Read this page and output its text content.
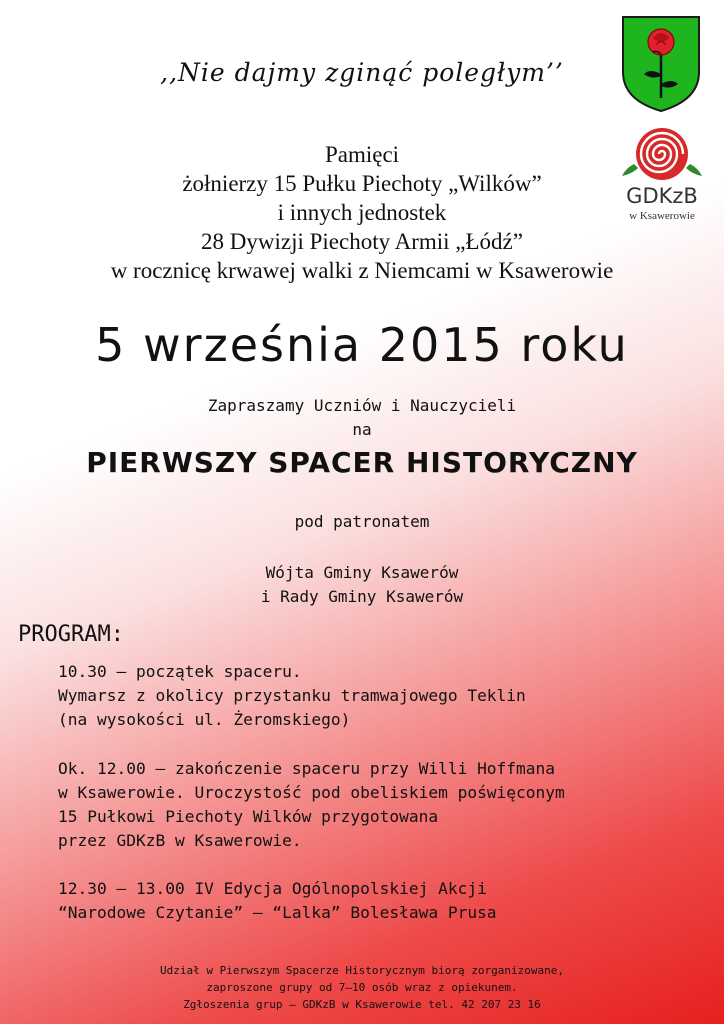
GDKzB
w Ksawerowie
,,Nie dajmy zginąć poległym’’
Pamięci
żołnierzy 15 Pułku Piechoty „Wilków”
i innych jednostek
28 Dywizji Piechoty Armii „Łódź”
w rocznicę krwawej walki z Niemcami w Ksawerowie
5 września 2015 roku
Zapraszamy Uczniów i Nauczycieli
na
PIERWSZY SPACER HISTORYCZNY
pod patronatem
Wójta Gminy Ksawerów
i Rady Gminy Ksawerów
PROGRAM:
10.30 – początek spaceru.
Wymarsz z okolicy przystanku tramwajowego Teklin
(na wysokości ul. Żeromskiego)
Ok. 12.00 – zakończenie spaceru przy Willi Hoffmana
w Ksawerowie. Uroczystość pod obeliskiem poświęconym
15 Pułkowi Piechoty Wilków przygotowana
przez GDKzB w Ksawerowie.
12.30 – 13.00 IV Edycja Ogólnopolskiej Akcji
“Narodowe Czytanie” – “Lalka” Bolesława Prusa
Udział w Pierwszym Spacerze Historycznym biorą zorganizowane,
zaproszone grupy od 7–10 osób wraz z opiekunem.
Zgłoszenia grup – GDKzB w Ksawerowie tel. 42 207 23 16
